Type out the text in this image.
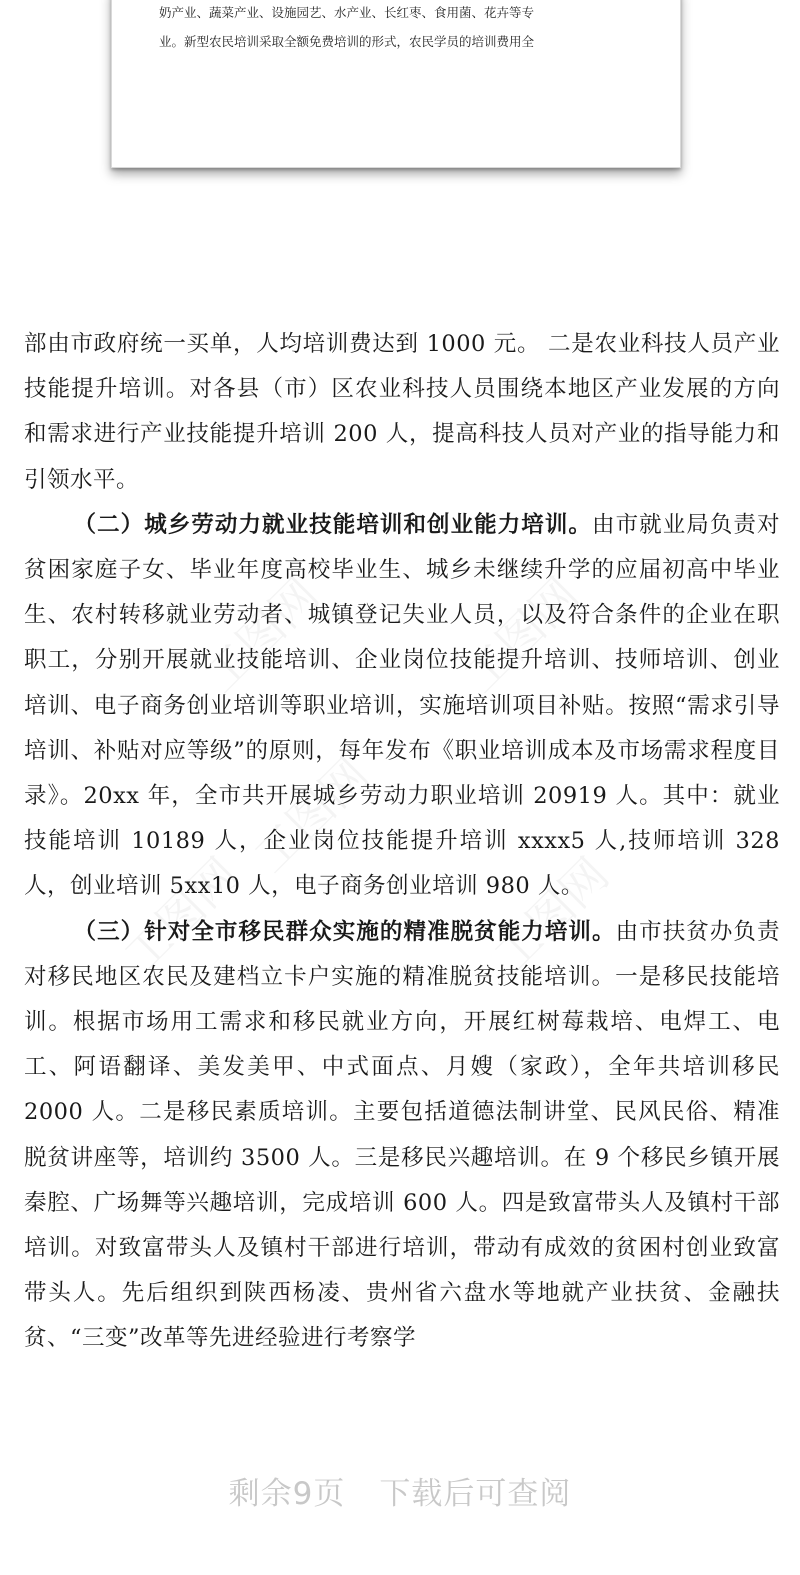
奶产业、蔬菜产业、设施园艺、水产业、长红枣、食用菌、花卉等专

业。新型农民培训采取全额免费培训的形式，农民学员的培训费用全

部由市政府统一买单，人均培训费达到 1000 元。 二是农业科技人员产业技能提升培训。对各县（市）区农业科技人员围绕本地区产业发展的方向和需求进行产业技能提升培训 200 人，提高科技人员对产业的指导能力和引领水平。

（二）城乡劳动力就业技能培训和创业能力培训。由市就业局负责对贫困家庭子女、毕业年度高校毕业生、城乡未继续升学的应届初高中毕业生、农村转移就业劳动者、城镇登记失业人员，以及符合条件的企业在职职工，分别开展就业技能培训、企业岗位技能提升培训、技师培训、创业培训、电子商务创业培训等职业培训，实施培训项目补贴。按照“需求引导培训、补贴对应等级”的原则，每年发布《职业培训成本及市场需求程度目录》。20xx 年，全市共开展城乡劳动力职业培训 20919 人。其中：就业技能培训 10189 人，企业岗位技能提升培训 xxxx5 人,技师培训 328 人，创业培训 5xx10 人，电子商务创业培训 980 人。

（三）针对全市移民群众实施的精准脱贫能力培训。由市扶贫办负责对移民地区农民及建档立卡户实施的精准脱贫技能培训。一是移民技能培训。根据市场用工需求和移民就业方向，开展红树莓栽培、电焊工、电工、阿语翻译、美发美甲、中式面点、月嫂（家政），全年共培训移民 2000 人。二是移民素质培训。主要包括道德法制讲堂、民风民俗、精准脱贫讲座等，培训约 3500 人。三是移民兴趣培训。在 9 个移民乡镇开展秦腔、广场舞等兴趣培训，完成培训 600 人。四是致富带头人及镇村干部培训。对致富带头人及镇村干部进行培训，带动有成效的贫困村创业致富带头人。先后组织到陕西杨凌、贵州省六盘水等地就产业扶贫、金融扶贫、“三变”改革等先进经验进行考察学

剩余9页 下载后可查阅
